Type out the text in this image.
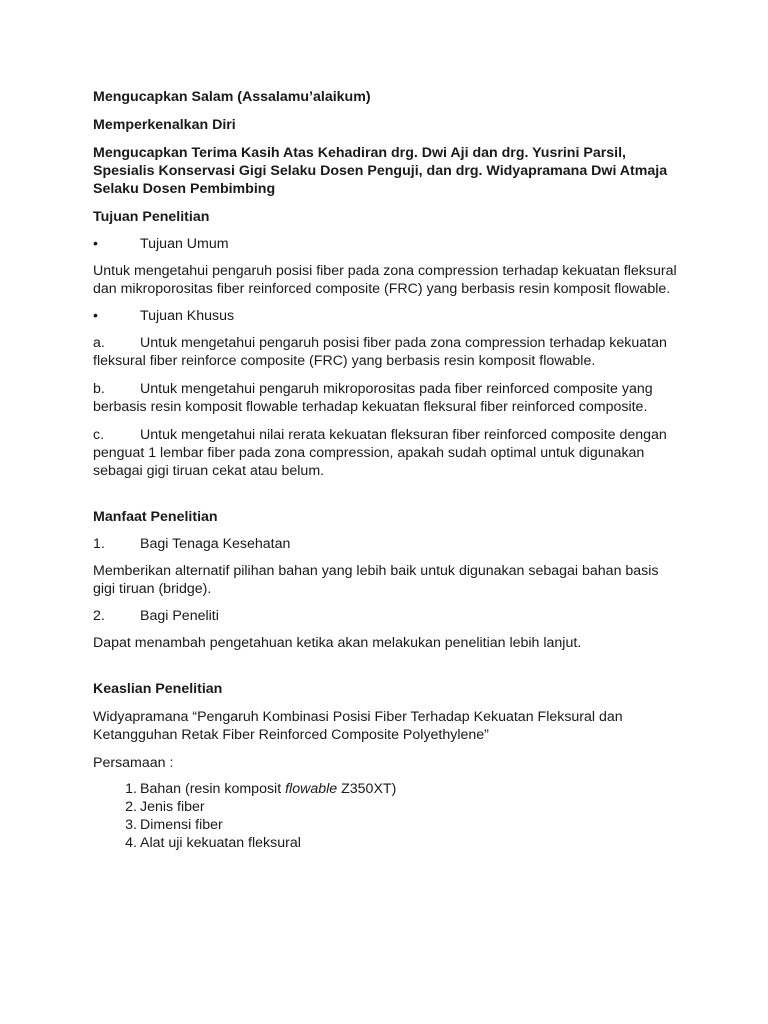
Mengucapkan Salam (Assalamu’alaikum)

Memperkenalkan Diri

Mengucapkan Terima Kasih Atas Kehadiran drg. Dwi Aji dan drg. Yusrini Parsil, Spesialis Konservasi Gigi Selaku Dosen Penguji, dan drg. Widyapramana Dwi Atmaja Selaku Dosen Pembimbing

Tujuan Penelitian

•	Tujuan Umum

Untuk mengetahui pengaruh posisi fiber pada zona compression terhadap kekuatan fleksural dan mikroporositas fiber reinforced composite (FRC) yang berbasis resin komposit flowable.

•	Tujuan Khusus

a. Untuk mengetahui pengaruh posisi fiber pada zona compression terhadap kekuatan fleksural fiber reinforce composite (FRC) yang berbasis resin komposit flowable.

b. Untuk mengetahui pengaruh mikroporositas pada fiber reinforced composite yang berbasis resin komposit flowable terhadap kekuatan fleksural fiber reinforced composite.

c.	Untuk mengetahui nilai rerata kekuatan fleksuran fiber reinforced composite dengan penguat 1 lembar fiber pada zona compression, apakah sudah optimal untuk digunakan sebagai gigi tiruan cekat atau belum.

Manfaat Penelitian

1.	Bagi Tenaga Kesehatan

Memberikan alternatif pilihan bahan yang lebih baik untuk digunakan sebagai bahan basis gigi tiruan (bridge).

2.	Bagi Peneliti

Dapat menambah pengetahuan ketika akan melakukan penelitian lebih lanjut.

Keaslian Penelitian

Widyapramana “Pengaruh Kombinasi Posisi Fiber Terhadap Kekuatan Fleksural dan Ketangguhan Retak Fiber Reinforced Composite Polyethylene”

Persamaan :

1. Bahan (resin komposit flowable Z350XT)
2. Jenis fiber
3. Dimensi fiber
4. Alat uji kekuatan fleksural
